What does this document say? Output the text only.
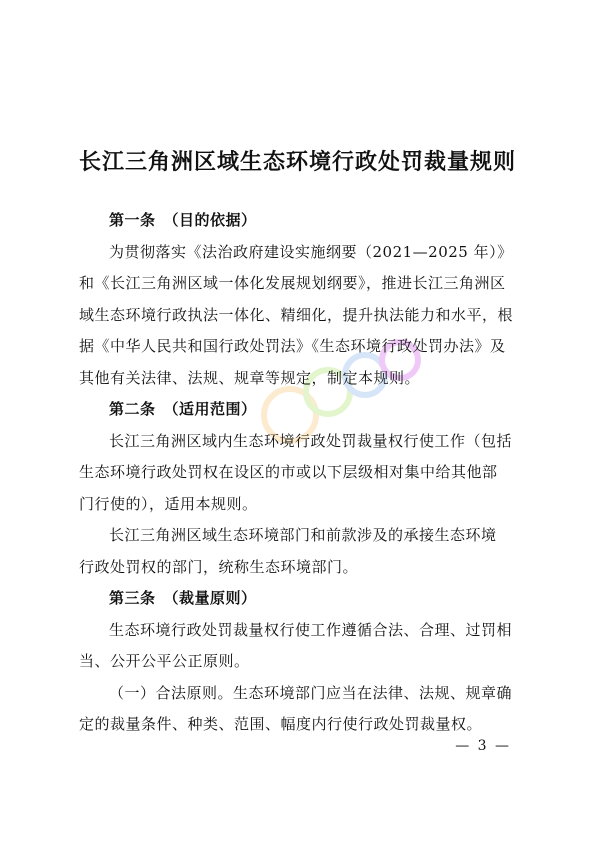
长江三角洲区域生态环境行政处罚裁量规则

第一条　（目的依据）

为贯彻落实《法治政府建设实施纲要（2021—2025 年）》
和《长江三角洲区域一体化发展规划纲要》，推进长江三角洲区
域生态环境行政执法一体化、精细化，提升执法能力和水平，根
据《中华人民共和国行政处罚法》《生态环境行政处罚办法》及
其他有关法律、法规、规章等规定，制定本规则。

第二条　（适用范围）

长江三角洲区域内生态环境行政处罚裁量权行使工作（包括
生态环境行政处罚权在设区的市或以下层级相对集中给其他部
门行使的），适用本规则。

长江三角洲区域生态环境部门和前款涉及的承接生态环境
行政处罚权的部门，统称生态环境部门。

第三条　（裁量原则）

生态环境行政处罚裁量权行使工作遵循合法、合理、过罚相
当、公开公平公正原则。

（一）合法原则。生态环境部门应当在法律、法规、规章确
定的裁量条件、种类、范围、幅度内行使行政处罚裁量权。

— 3 —
